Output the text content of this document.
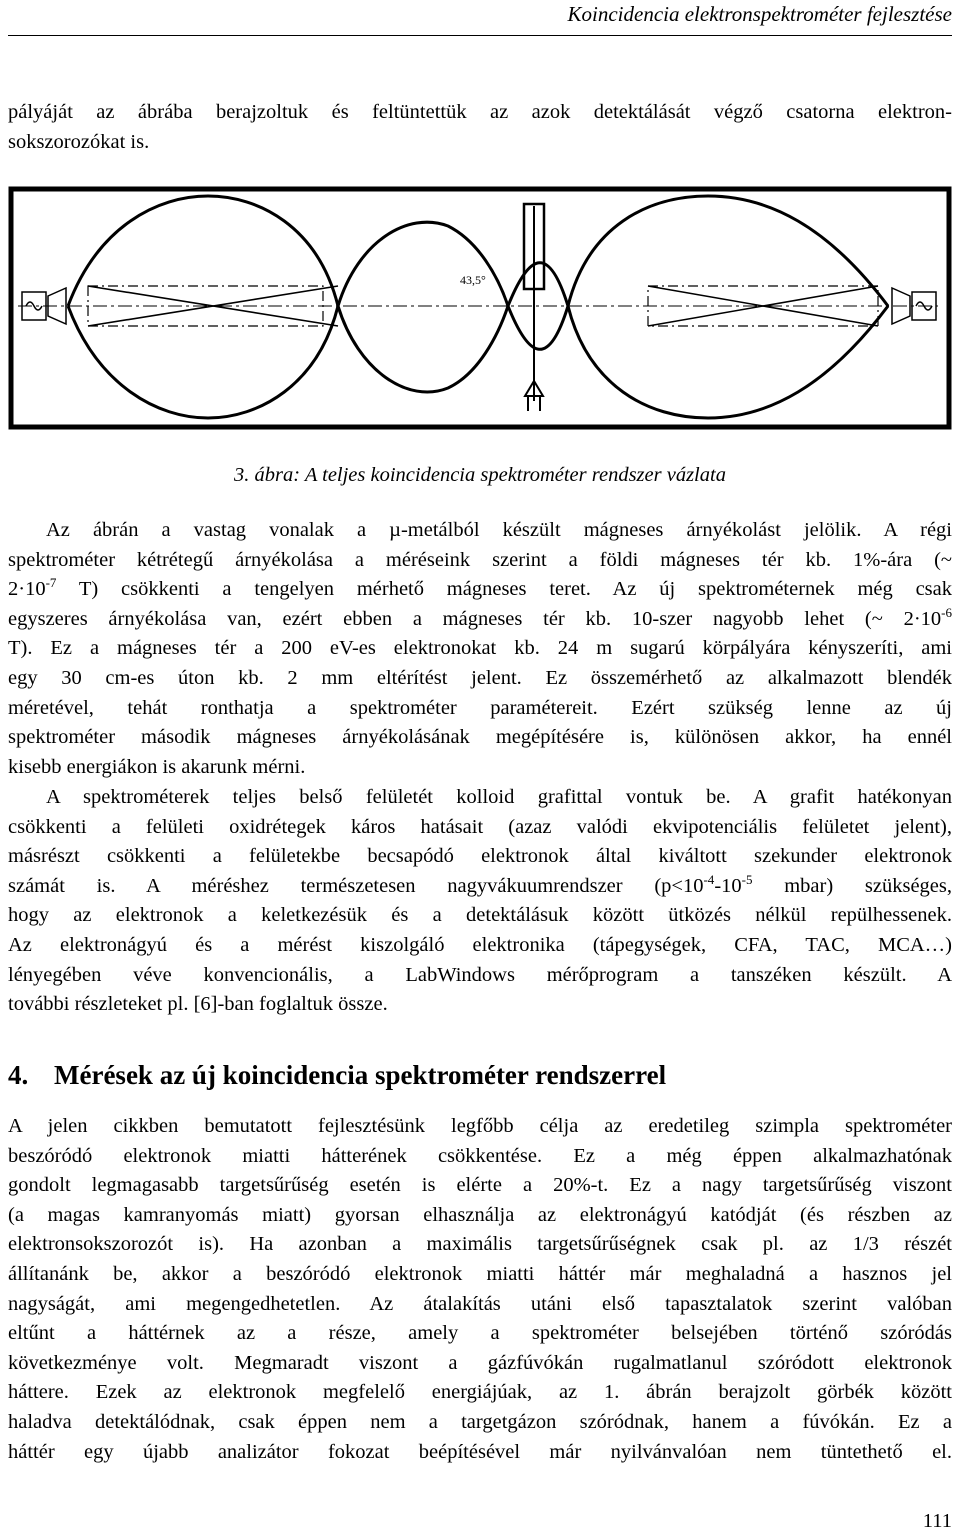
Koincidencia elektronspektrométer fejlesztése
pályáját az ábrába berajzoltuk és feltüntettük az azok detektálását végző csatorna elektron-
sokszorozókat is.
43,5°
3. ábra: A teljes koincidencia spektrométer rendszer vázlata
Az ábrán a vastag vonalak a µ-metálból készült mágneses árnyékolást jelölik. A régi
spektrométer kétrétegű árnyékolása a méréseink szerint a földi mágneses tér kb. 1%-ára (~
$2\cdot 10^{-7}$ T) csökkenti a tengelyen mérhető mágneses teret. Az új spektrométernek még csak
egyszeres árnyékolása van, ezért ebben a mágneses tér kb. 10-szer nagyobb lehet (~ $2\cdot 10^{-6}$
T). Ez a mágneses tér a 200 eV-es elektronokat kb. 24 m sugarú körpályára kényszeríti, ami
egy 30 cm-es úton kb. 2 mm eltérítést jelent. Ez összemérhető az alkalmazott blendék
méretével, tehát ronthatja a spektrométer paramétereit. Ezért szükség lenne az új
spektrométer második mágneses árnyékolásának megépítésére is, különösen akkor, ha ennél
kisebb energiákon is akarunk mérni.
A spektrométerek teljes belső felületét kolloid grafittal vontuk be. A grafit hatékonyan
csökkenti a felületi oxidrétegek káros hatásait (azaz valódi ekvipotenciális felületet jelent),
másrészt csökkenti a felületekbe becsapódó elektronok által kiváltott szekunder elektronok
számát is. A méréshez természetesen nagyvákuumrendszer ($p<10^{-4}-10^{-5}$ mbar) szükséges,
hogy az elektronok a keletkezésük és a detektálásuk között ütközés nélkül repülhessenek.
Az elektronágyú és a mérést kiszolgáló elektronika (tápegységek, CFA, TAC, MCA…)
lényegében véve konvencionális, a LabWindows mérőprogram a tanszéken készült. A
további részleteket pl. [6]-ban foglaltuk össze.
4. Mérések az új koincidencia spektrométer rendszerrel
A jelen cikkben bemutatott fejlesztésünk legfőbb célja az eredetileg szimpla spektrométer
beszóródó elektronok miatti hátterének csökkentése. Ez a még éppen alkalmazhatónak
gondolt legmagasabb targetsűrűség esetén is elérte a 20%-t. Ez a nagy targetsűrűség viszont
(a magas kamranyomás miatt) gyorsan elhasználja az elektronágyú katódját (és részben az
elektronsokszorozót is). Ha azonban a maximális targetsűrűségnek csak pl. az 1/3 részét
állítanánk be, akkor a beszóródó elektronok miatti háttér már meghaladná a hasznos jel
nagyságát, ami megengedhetetlen. Az átalakítás utáni első tapasztalatok szerint valóban
eltűnt a háttérnek az a része, amely a spektrométer belsejében történő szóródás
következménye volt. Megmaradt viszont a gázfúvókán rugalmatlanul szóródott elektronok
háttere. Ezek az elektronok megfelelő energiájúak, az 1. ábrán berajzolt görbék között
haladva detektálódnak, csak éppen nem a targetgázon szóródnak, hanem a fúvókán. Ez a
háttér egy újabb analizátor fokozat beépítésével már nyilvánvalóan nem tüntethető el.
111
